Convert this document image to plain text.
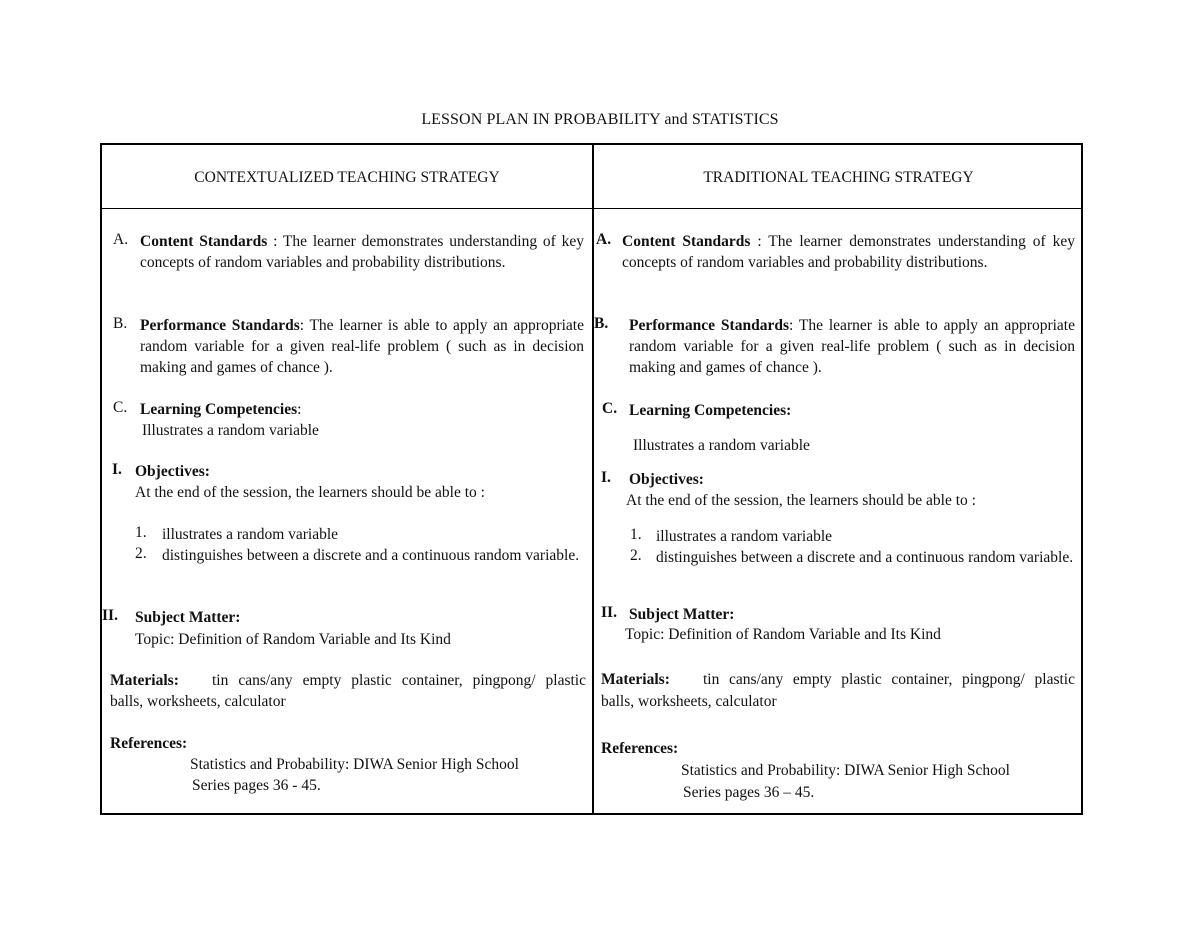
LESSON PLAN IN PROBABILITY and STATISTICS
CONTEXTUALIZED TEACHING STRATEGY	TRADITIONAL TEACHING STRATEGY
A. Content Standards : The learner demonstrates understanding of key concepts of random variables and probability distributions.
B. Performance Standards: The learner is able to apply an appropriate random variable for a given real-life problem ( such as in decision making and games of chance ).
C. Learning Competencies:
Illustrates a random variable
I. Objectives:
At the end of the session, the learners should be able to :
1. illustrates a random variable
2. distinguishes between a discrete and a continuous random variable.
II. Subject Matter:
Topic: Definition of Random Variable and Its Kind
Materials:	tin cans/any empty plastic container, pingpong/ plastic balls, worksheets, calculator
References:
Statistics and Probability: DIWA Senior High School
Series pages 36 - 45.
A. Content Standards : The learner demonstrates understanding of key concepts of random variables and probability distributions.
B. Performance Standards: The learner is able to apply an appropriate random variable for a given real-life problem ( such as in decision making and games of chance ).
C. Learning Competencies:
Illustrates a random variable
I. Objectives:
At the end of the session, the learners should be able to :
1. illustrates a random variable
2. distinguishes between a discrete and a continuous random variable.
II. Subject Matter:
Topic: Definition of Random Variable and Its Kind
Materials:	tin cans/any empty plastic container, pingpong/ plastic balls, worksheets, calculator
References:
Statistics and Probability: DIWA Senior High School
Series pages 36 – 45.
